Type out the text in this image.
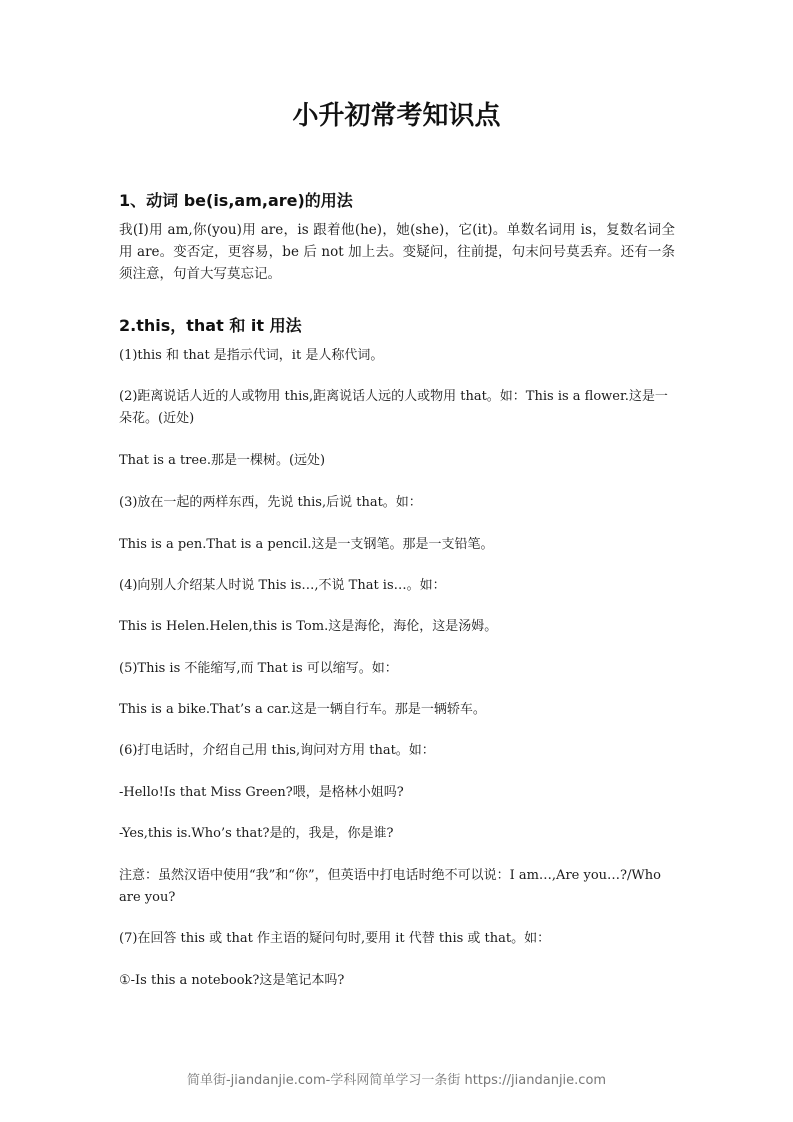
小升初常考知识点
1、动词 be(is,am,are)的用法
我(I)用 am,你(you)用 are，is 跟着他(he)，她(she)，它(it)。单数名词用 is，复数名词全用 are。变否定，更容易，be 后 not 加上去。变疑问，往前提，句末问号莫丢弃。还有一条须注意，句首大写莫忘记。
2.this，that 和 it 用法
(1)this 和 that 是指示代词，it 是人称代词。
(2)距离说话人近的人或物用 this,距离说话人远的人或物用 that。如：This is a flower.这是一朵花。(近处)
That is a tree.那是一棵树。(远处)
(3)放在一起的两样东西，先说 this,后说 that。如：
This is a pen.That is a pencil.这是一支钢笔。那是一支铅笔。
(4)向别人介绍某人时说 This is…,不说 That is…。如：
This is Helen.Helen,this is Tom.这是海伦，海伦，这是汤姆。
(5)This is 不能缩写,而 That is 可以缩写。如：
This is a bike.That’s a car.这是一辆自行车。那是一辆轿车。
(6)打电话时，介绍自己用 this,询问对方用 that。如：
-Hello!Is that Miss Green?喂，是格林小姐吗?
-Yes,this is.Who’s that?是的，我是，你是谁?
注意：虽然汉语中使用“我”和“你”，但英语中打电话时绝不可以说：I am…,Are you…?/Who are you?
(7)在回答 this 或 that 作主语的疑问句时,要用 it 代替 this 或 that。如：
①-Is this a notebook?这是笔记本吗?
简单街-jiandanjie.com-学科网简单学习一条街 https://jiandanjie.com
